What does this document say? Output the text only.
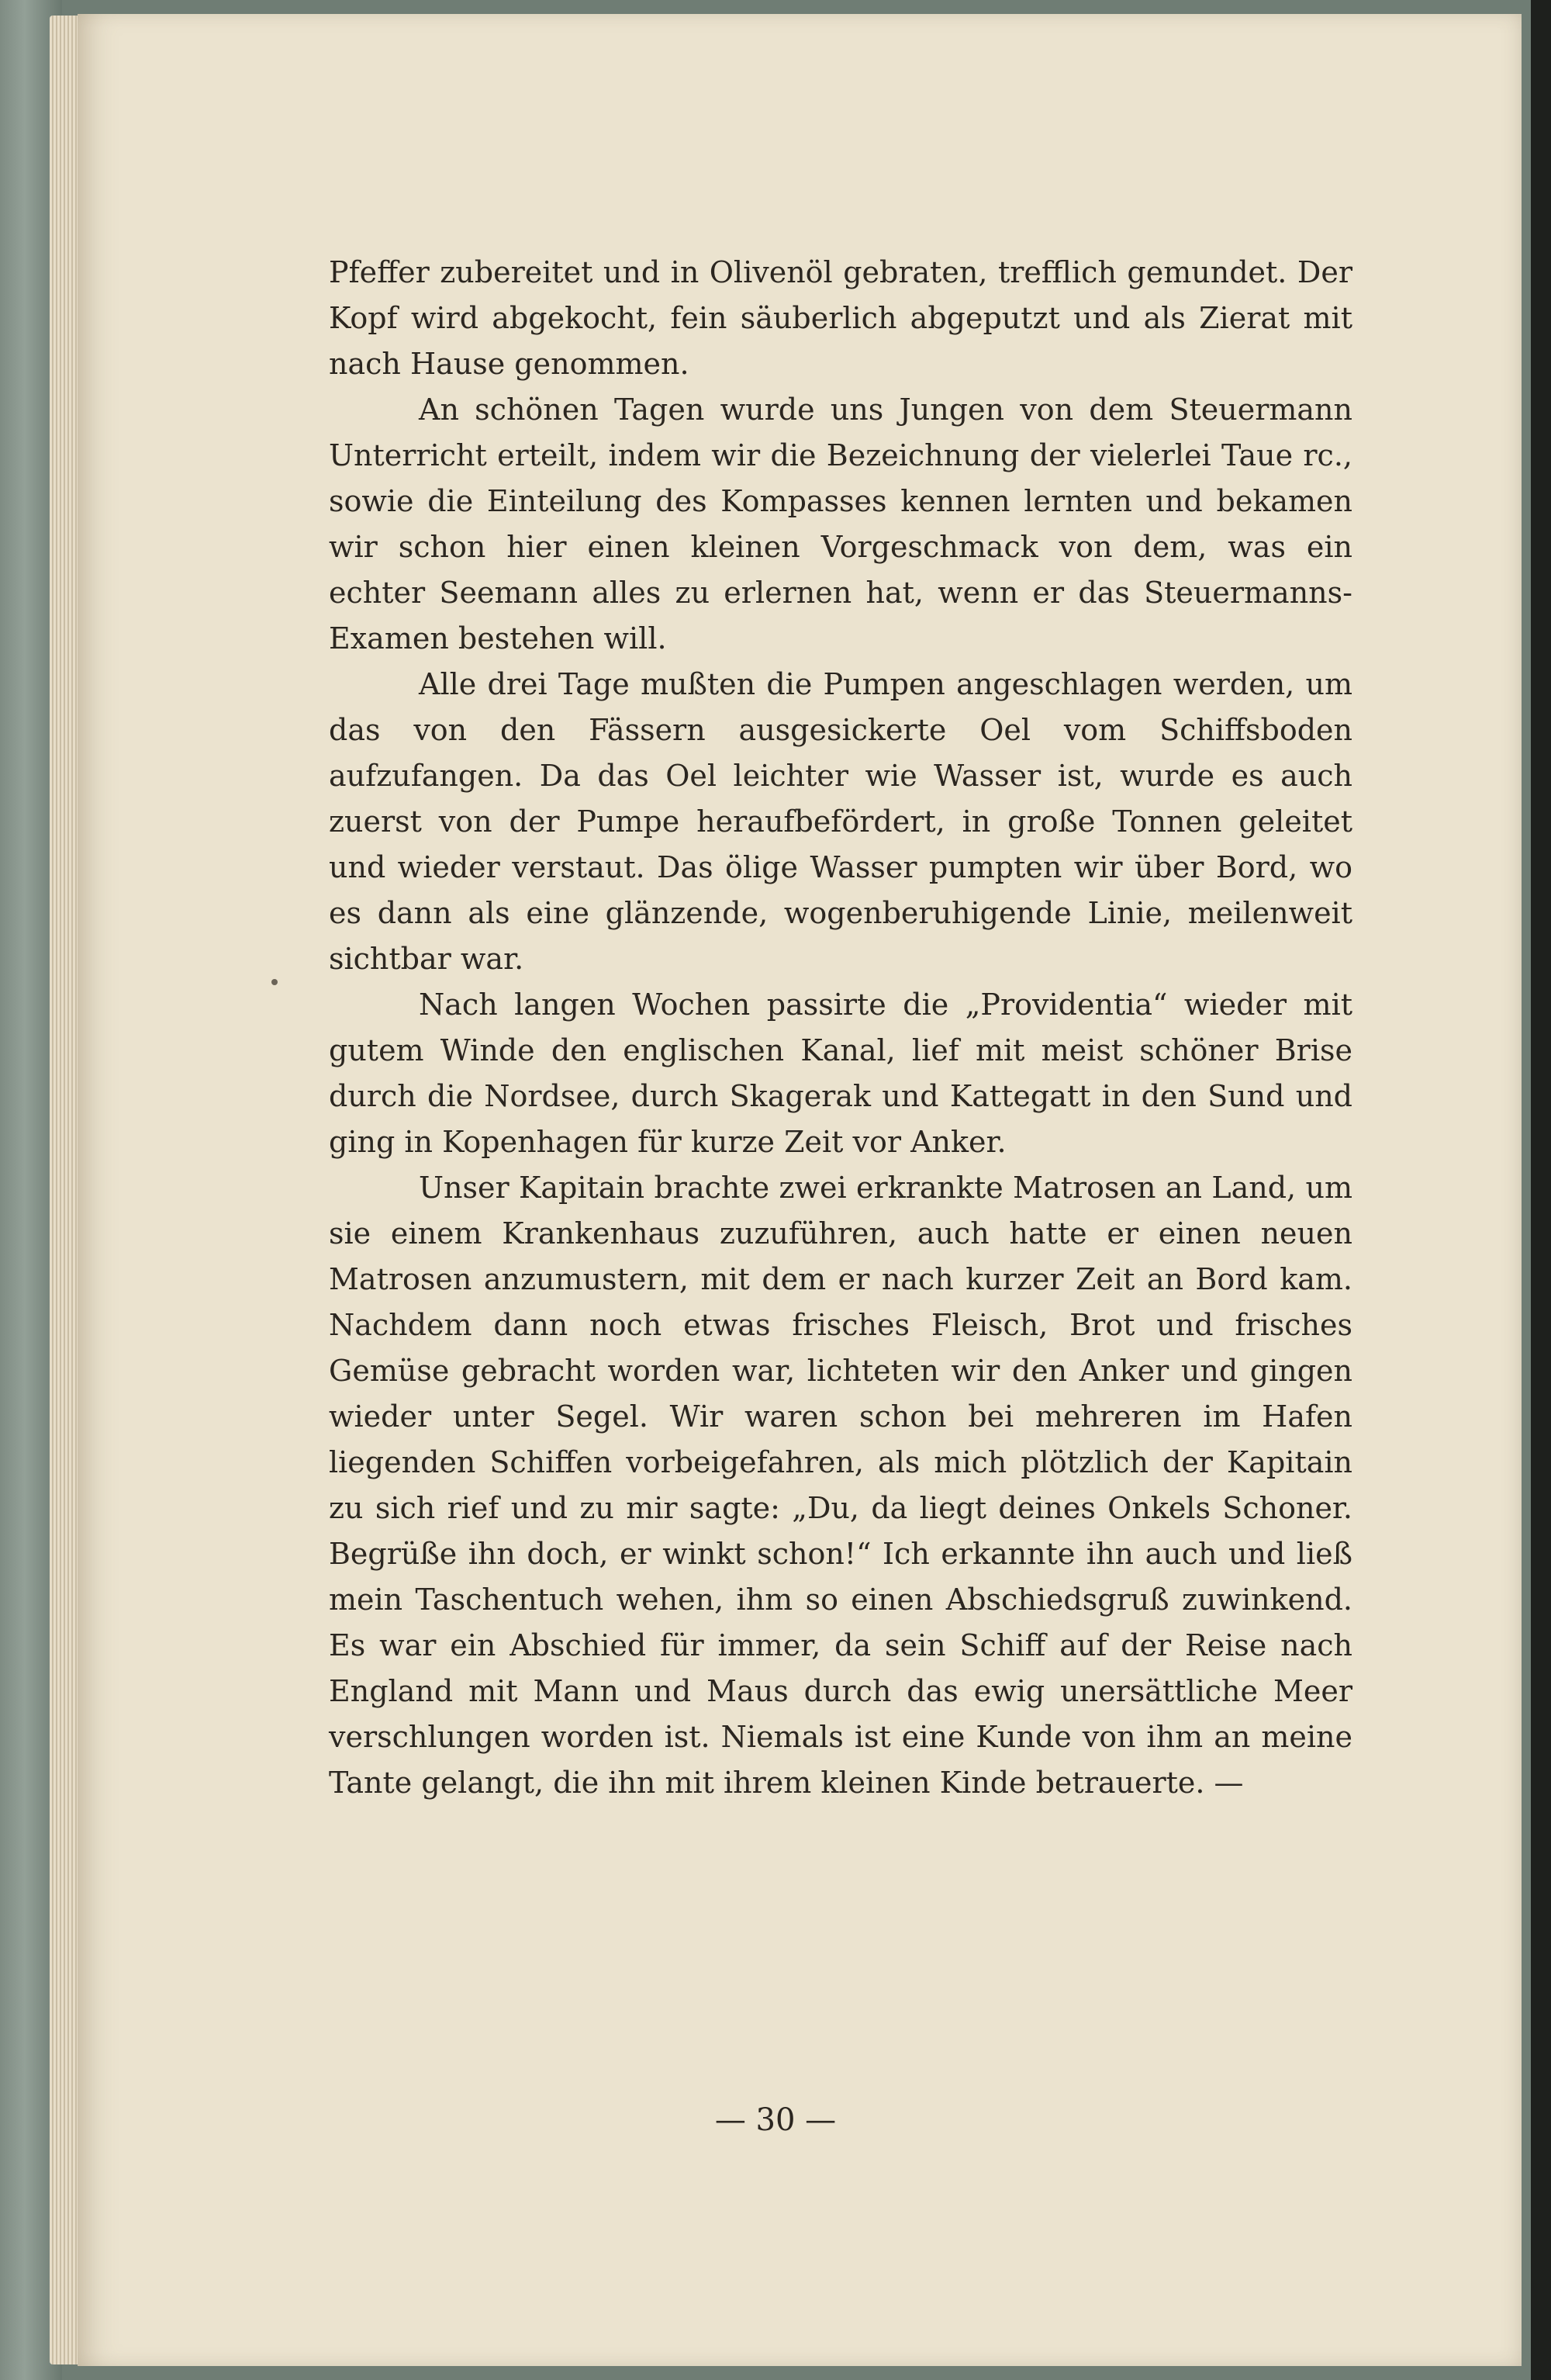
Pfeffer zubereitet und in Olivenöl gebraten, trefflich gemundet. Der Kopf wird abgekocht, fein säuberlich abgeputzt und als Zierat mit nach Hause genommen.

An schönen Tagen wurde uns Jungen von dem Steuermann Unterricht erteilt, indem wir die Bezeichnung der vielerlei Taue rc., sowie die Einteilung des Kompasses kennen lernten und bekamen wir schon hier einen kleinen Vorgeschmack von dem, was ein echter Seemann alles zu erlernen hat, wenn er das Steuermanns-Examen bestehen will.

Alle drei Tage mußten die Pumpen angeschlagen werden, um das von den Fässern ausgesickerte Oel vom Schiffsboden aufzufangen. Da das Oel leichter wie Wasser ist, wurde es auch zuerst von der Pumpe heraufbefördert, in große Tonnen geleitet und wieder verstaut. Das ölige Wasser pumpten wir über Bord, wo es dann als eine glänzende, wogenberuhigende Linie, meilenweit sichtbar war.

Nach langen Wochen passirte die „Providentia“ wieder mit gutem Winde den englischen Kanal, lief mit meist schöner Brise durch die Nordsee, durch Skagerak und Kattegatt in den Sund und ging in Kopenhagen für kurze Zeit vor Anker.

Unser Kapitain brachte zwei erkrankte Matrosen an Land, um sie einem Krankenhaus zuzuführen, auch hatte er einen neuen Matrosen anzumustern, mit dem er nach kurzer Zeit an Bord kam. Nachdem dann noch etwas frisches Fleisch, Brot und frisches Gemüse gebracht worden war, lichteten wir den Anker und gingen wieder unter Segel. Wir waren schon bei mehreren im Hafen liegenden Schiffen vorbeigefahren, als mich plötzlich der Kapitain zu sich rief und zu mir sagte: „Du, da liegt deines Onkels Schoner. Begrüße ihn doch, er winkt schon!“ Ich erkannte ihn auch und ließ mein Taschentuch wehen, ihm so einen Abschiedsgruß zuwinkend. Es war ein Abschied für immer, da sein Schiff auf der Reise nach England mit Mann und Maus durch das ewig unersättliche Meer verschlungen worden ist. Niemals ist eine Kunde von ihm an meine Tante gelangt, die ihn mit ihrem kleinen Kinde betrauerte. —

— 30 —
